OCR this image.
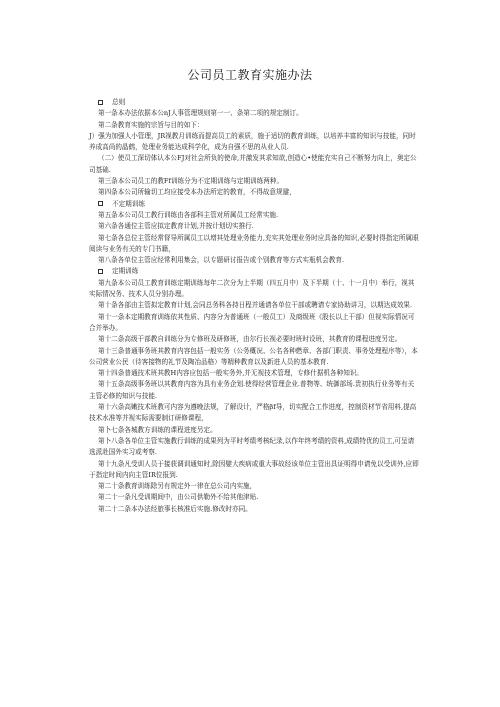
公司员工教育实施办法

总则

第一条本办法依据本公nJ人事管理规则第一一、条第二项的规定制订。

第二条教育实施的宗旨与目的如下：

J）强为加强人小管理，JR视教月训练而提高员工的素质，施于适切的教育训练，以培养丰富的知识与技能，同时养成高尚的晶鹤，处理业务能达成科学化，成为自强不思的从业人员.

（二）使员工深切体认本公FJ对社会所负的使命,并激发其求知欲,创造心•使能充实自己不断努力向上，奥定公司基础.

第三条本公司员工的教Ff训练分为不定期训练与定期训练两种。

第四条本公司所输切工均应接受本办法所定的教育，不得故意规避，

不定期训练

第五条本公司员工教行训练由各部科主管对所属员工经常实施.

第六条各通位主管应拟定教育计划,并按计划切实推行.

第七条各总位主管经常督导所属员工以增其处理业务能力,充实其处理业务时应具备的知识,必要时得指定所属眼阅读与业务有关的专门书籍，

第八条各单位主管应经常利用集会，以专题研讨报告或个别教育等方式实瓶机会教育.

定期训练

第九条本公司员工教育训练定期训练每年二次分为上半期（四五月中）及下半期（十、十一月中）举行，视其实际情况务、技术人员分别办理。

第十条各部由主管拟定教育计划,会同总务科各持日程并通请各单位干部或聘请专家协助讲习，以期达成效果.

第十一条本定期教育训练依其性质、内容分为普通班（一般员工）及商级班《股长以上干部）但视实际情况可合并举办。

第十二条高级干部教自训练分为专修班及研修班，由尔行长视必要时班时设班，其教育的课程进度另定。

第十三条普通事务班其教育内容包括一般实务（公务概况、公名各种燃章、各部门职责、事务处理程序等），本公司营业公民（待客接物的礼节及陶冶品格）等精种教育以及新进人员的基本教育.

第十四条普通技术班其教H内容应包括一般实务外,并无视技术管理，专修什据机各种知识。

第十五条高级事务班以其教育内容为具有业务企划.使得经营管理企业.普物等、统御部场.贵初执行业务等有关主管必修的知识与技能.

第十六条高嫩技术班教可内容为遵晚法规，了解设计，严格βf导，切实配合工作进度，控制资材节省用料,提高技术水准等并视实际需要制订研修课程，

第卜七条各城教方训练的课程进度另定。

第卜八条各单位主管实施教行训练的成果列为平时考绩考核纪录,以作年终考绩的资料,成绩特优的员工,可呈请选派赴国外实习或考察.

第十九条凡受训人员于接获调训通知时,除因嬖大疾病或重大事故经该单位主管出具证明得申请免以受训外,应即于指定时间内向主管IR位报到.

第二十条教育训练除另有规定外一律在总公司内实施，

第二十一条凡受训期间中，由公司供勒外不给其他津贴.

第二十二条本办法经旅事长核准后实施.修改时亦同。
